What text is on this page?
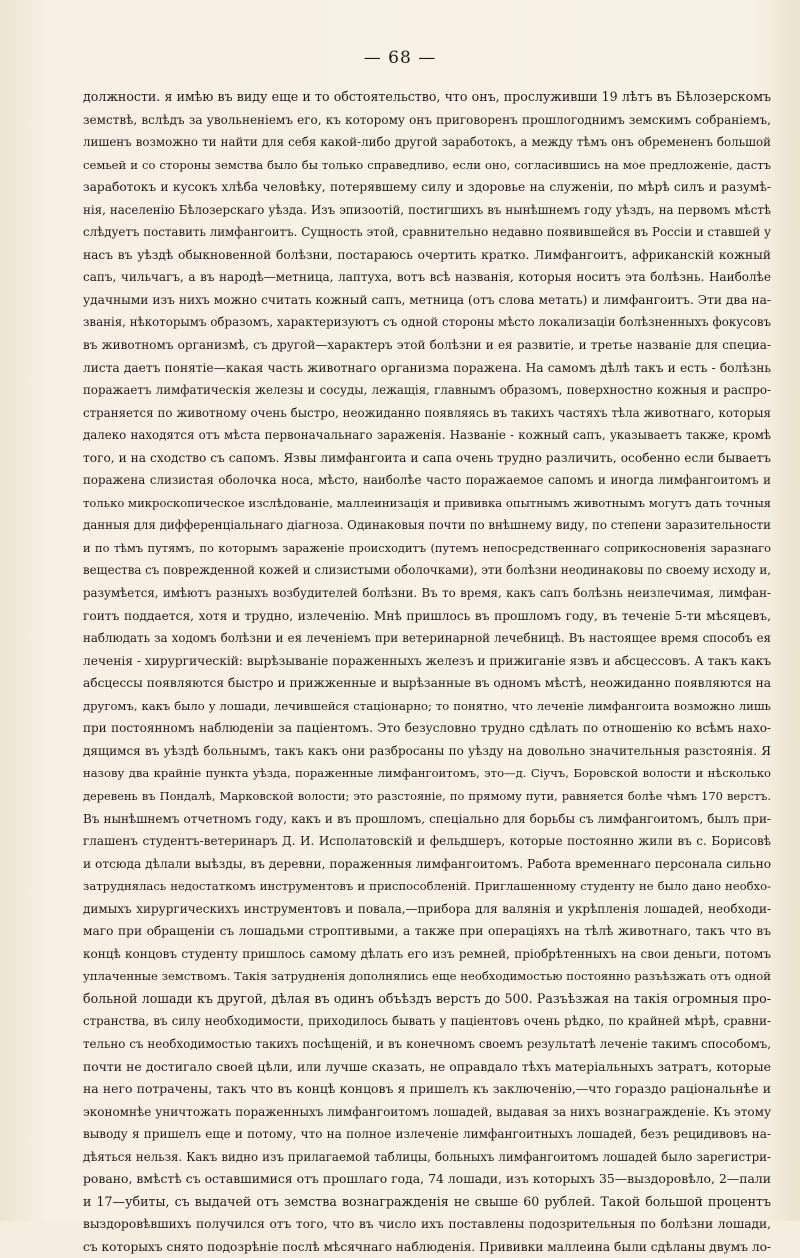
— 68 —
должности. я имѣю въ виду еще и то обстоятельство, что онъ, прослуживши 19 лѣтъ въ Бѣлозерскомъ
земствѣ, вслѣдъ за увольненіемъ его, къ которому онъ приговоренъ прошлогоднимъ земскимъ собраніемъ,
лишенъ возможно ти найти для себя какой-либо другой заработокъ, а между тѣмъ онъ обремененъ большой
семьей и со стороны земства было бы только справедливо, если оно, согласившись на мое предложеніе, дастъ
заработокъ и кусокъ хлѣба человѣку, потерявшему силу и здоровье на служеніи, по мѣрѣ силъ и разумѣ-
нія, населенію Бѣлозерскаго уѣзда. Изъ эпизоотій, постигшихъ въ нынѣшнемъ году уѣздъ, на первомъ мѣстѣ
слѣдуетъ поставить лимфангоитъ. Сущность этой, сравнительно недавно появившейся въ Россіи и ставшей у
насъ въ уѣздѣ обыкновенной болѣзни, постараюсь очертить кратко. Лимфангоитъ, африканскій кожный
сапъ, чильчагъ, а въ народѣ—метница, лаптуха, вотъ всѣ названія, которыя носитъ эта болѣзнь. Наиболѣе
удачными изъ нихъ можно считать кожный сапъ, метница (отъ слова метать) и лимфангоитъ. Эти два на-
званія, нѣкоторымъ образомъ, характеризуютъ съ одной стороны мѣсто локализаціи болѣзненныхъ фокусовъ
въ животномъ организмѣ, съ другой—характеръ этой болѣзни и ея развитіе, и третье названіе для специа-
листа даетъ понятіе—какая часть животнаго организма поражена. На самомъ дѣлѣ такъ и есть - болѣзнь
поражаетъ лимфатическія железы и сосуды, лежащія, главнымъ образомъ, поверхностно кожныя и распро-
страняется по животному очень быстро, неожиданно появляясь въ такихъ частяхъ тѣла животнаго, которыя
далеко находятся отъ мѣста первоначальнаго зараженія. Названіе - кожный сапъ, указываетъ также, кромѣ
того, и на сходство съ сапомъ. Язвы лимфангоита и сапа очень трудно различить, особенно если бываетъ
поражена слизистая оболочка носа, мѣсто, наиболѣе часто поражаемое сапомъ и иногда лимфангоитомъ и
только микроскопическое изслѣдованіе, маллеинизація и прививка опытнымъ животнымъ могутъ дать точныя
данныя для дифференціальнаго діагноза. Одинаковыя почти по внѣшнему виду, по степени заразительности
и по тѣмъ путямъ, по которымъ зараженіе происходитъ (путемъ непосредственнаго соприкосновенія заразнаго
вещества съ поврежденной кожей и слизистыми оболочками), эти болѣзни неодинаковы по своему исходу и,
разумѣется, имѣютъ разныхъ возбудителей болѣзни. Въ то время, какъ сапъ болѣзнь неизлечимая, лимфан-
гоитъ поддается, хотя и трудно, излеченію. Мнѣ пришлось въ прошломъ году, въ теченіе 5-ти мѣсяцевъ,
наблюдать за ходомъ болѣзни и ея леченіемъ при ветеринарной лечебницѣ. Въ настоящее время способъ ея
леченія - хирургическій: вырѣзываніе пораженныхъ железъ и прижиганіе язвъ и абсцессовъ. А такъ какъ
абсцессы появляются быстро и прижженные и вырѣзанные въ одномъ мѣстѣ, неожиданно появляются на
другомъ, какъ было у лошади, лечившейся стаціонарно; то понятно, что леченіе лимфангоита возможно лишь
при постоянномъ наблюденіи за паціентомъ. Это безусловно трудно сдѣлать по отношенію ко всѣмъ нахо-
дящимся въ уѣздѣ больнымъ, такъ какъ они разбросаны по уѣзду на довольно значительныя разстоянія. Я
назову два крайніе пункта уѣзда, пораженные лимфангоитомъ, это—д. Сіучъ, Боровской волости и нѣсколько
деревень въ Пондалѣ, Марковской волости; это разстояніе, по прямому пути, равняется болѣе чѣмъ 170 верстъ.
Въ нынѣшнемъ отчетномъ году, какъ и въ прошломъ, спеціально для борьбы съ лимфангоитомъ, былъ при-
глашенъ студентъ-ветеринаръ Д. И. Исполатовскій и фельдшеръ, которые постоянно жили въ с. Борисовѣ
и отсюда дѣлали выѣзды, въ деревни, пораженныя лимфангоитомъ. Работа временнаго персонала сильно
затруднялась недостаткомъ инструментовъ и приспособленій. Приглашенному студенту не было дано необхо-
димыхъ хирургическихъ инструментовъ и повала,—прибора для валянія и укрѣпленія лошадей, необходи-
маго при обращеніи съ лошадьми строптивыми, а также при операціяхъ на тѣлѣ животнаго, такъ что въ
концѣ концовъ студенту пришлось самому дѣлать его изъ ремней, пріобрѣтенныхъ на свои деньги, потомъ
уплаченные земствомъ. Такія затрудненія дополнялись еще необходимостью постоянно разъѣзжать отъ одной
больной лошади къ другой, дѣлая въ одинъ объѣздъ верстъ до 500. Разъѣзжая на такія огромныя про-
странства, въ силу необходимости, приходилось бывать у паціентовъ очень рѣдко, по крайней мѣрѣ, сравни-
тельно съ необходимостью такихъ посѣщеній, и въ конечномъ своемъ результатѣ леченіе такимъ способомъ,
почти не достигало своей цѣли, или лучше сказать, не оправдало тѣхъ матеріальныхъ затратъ, которые
на него потрачены, такъ что въ концѣ концовъ я пришелъ къ заключенію,—что гораздо раціональнѣе и
экономнѣе уничтожать пораженныхъ лимфангоитомъ лошадей, выдавая за нихъ вознагражденіе. Къ этому
выводу я пришелъ еще и потому, что на полное излеченіе лимфангоитныхъ лошадей, безъ рецидивовъ на-
дѣяться нельзя. Какъ видно изъ прилагаемой таблицы, больныхъ лимфангоитомъ лошадей было зарегистри-
ровано, вмѣстѣ съ оставшимися отъ прошлаго года, 74 лошади, изъ которыхъ 35—выздоровѣло, 2—пали
и 17—убиты, съ выдачей отъ земства вознагражденія не свыше 60 рублей. Такой большой процентъ
выздоровѣвшихъ получился отъ того, что въ число ихъ поставлены подозрительныя по болѣзни лошади,
съ которыхъ снято подозрѣніе послѣ мѣсячнаго наблюденія. Прививки маллеина были сдѣланы двумъ ло-
